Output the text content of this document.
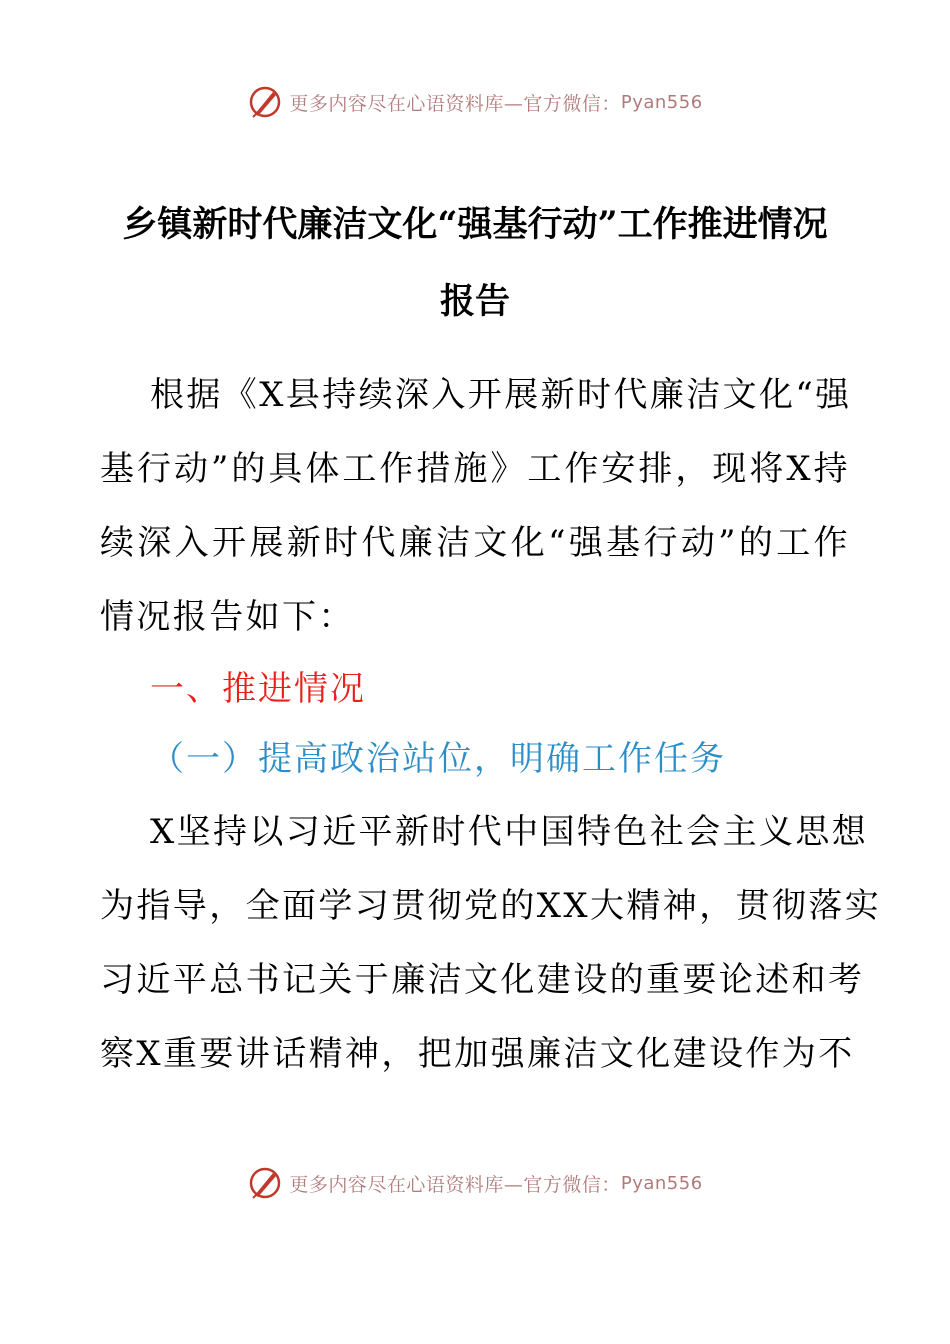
更多内容尽在心语资料库—官方微信： Pyan556
乡镇新时代廉洁文化“强基行动”工作推进情况
报告
根据《X县持续深入开展新时代廉洁文化“强
基行动”的具体工作措施》工作安排，现将X持
续深入开展新时代廉洁文化“强基行动”的工作
情况报告如下：
一、推进情况
（一）提高政治站位，明确工作任务
X坚持以习近平新时代中国特色社会主义思想
为指导，全面学习贯彻党的XX大精神，贯彻落实
习近平总书记关于廉洁文化建设的重要论述和考
察X重要讲话精神，把加强廉洁文化建设作为不
更多内容尽在心语资料库—官方微信： Pyan556
